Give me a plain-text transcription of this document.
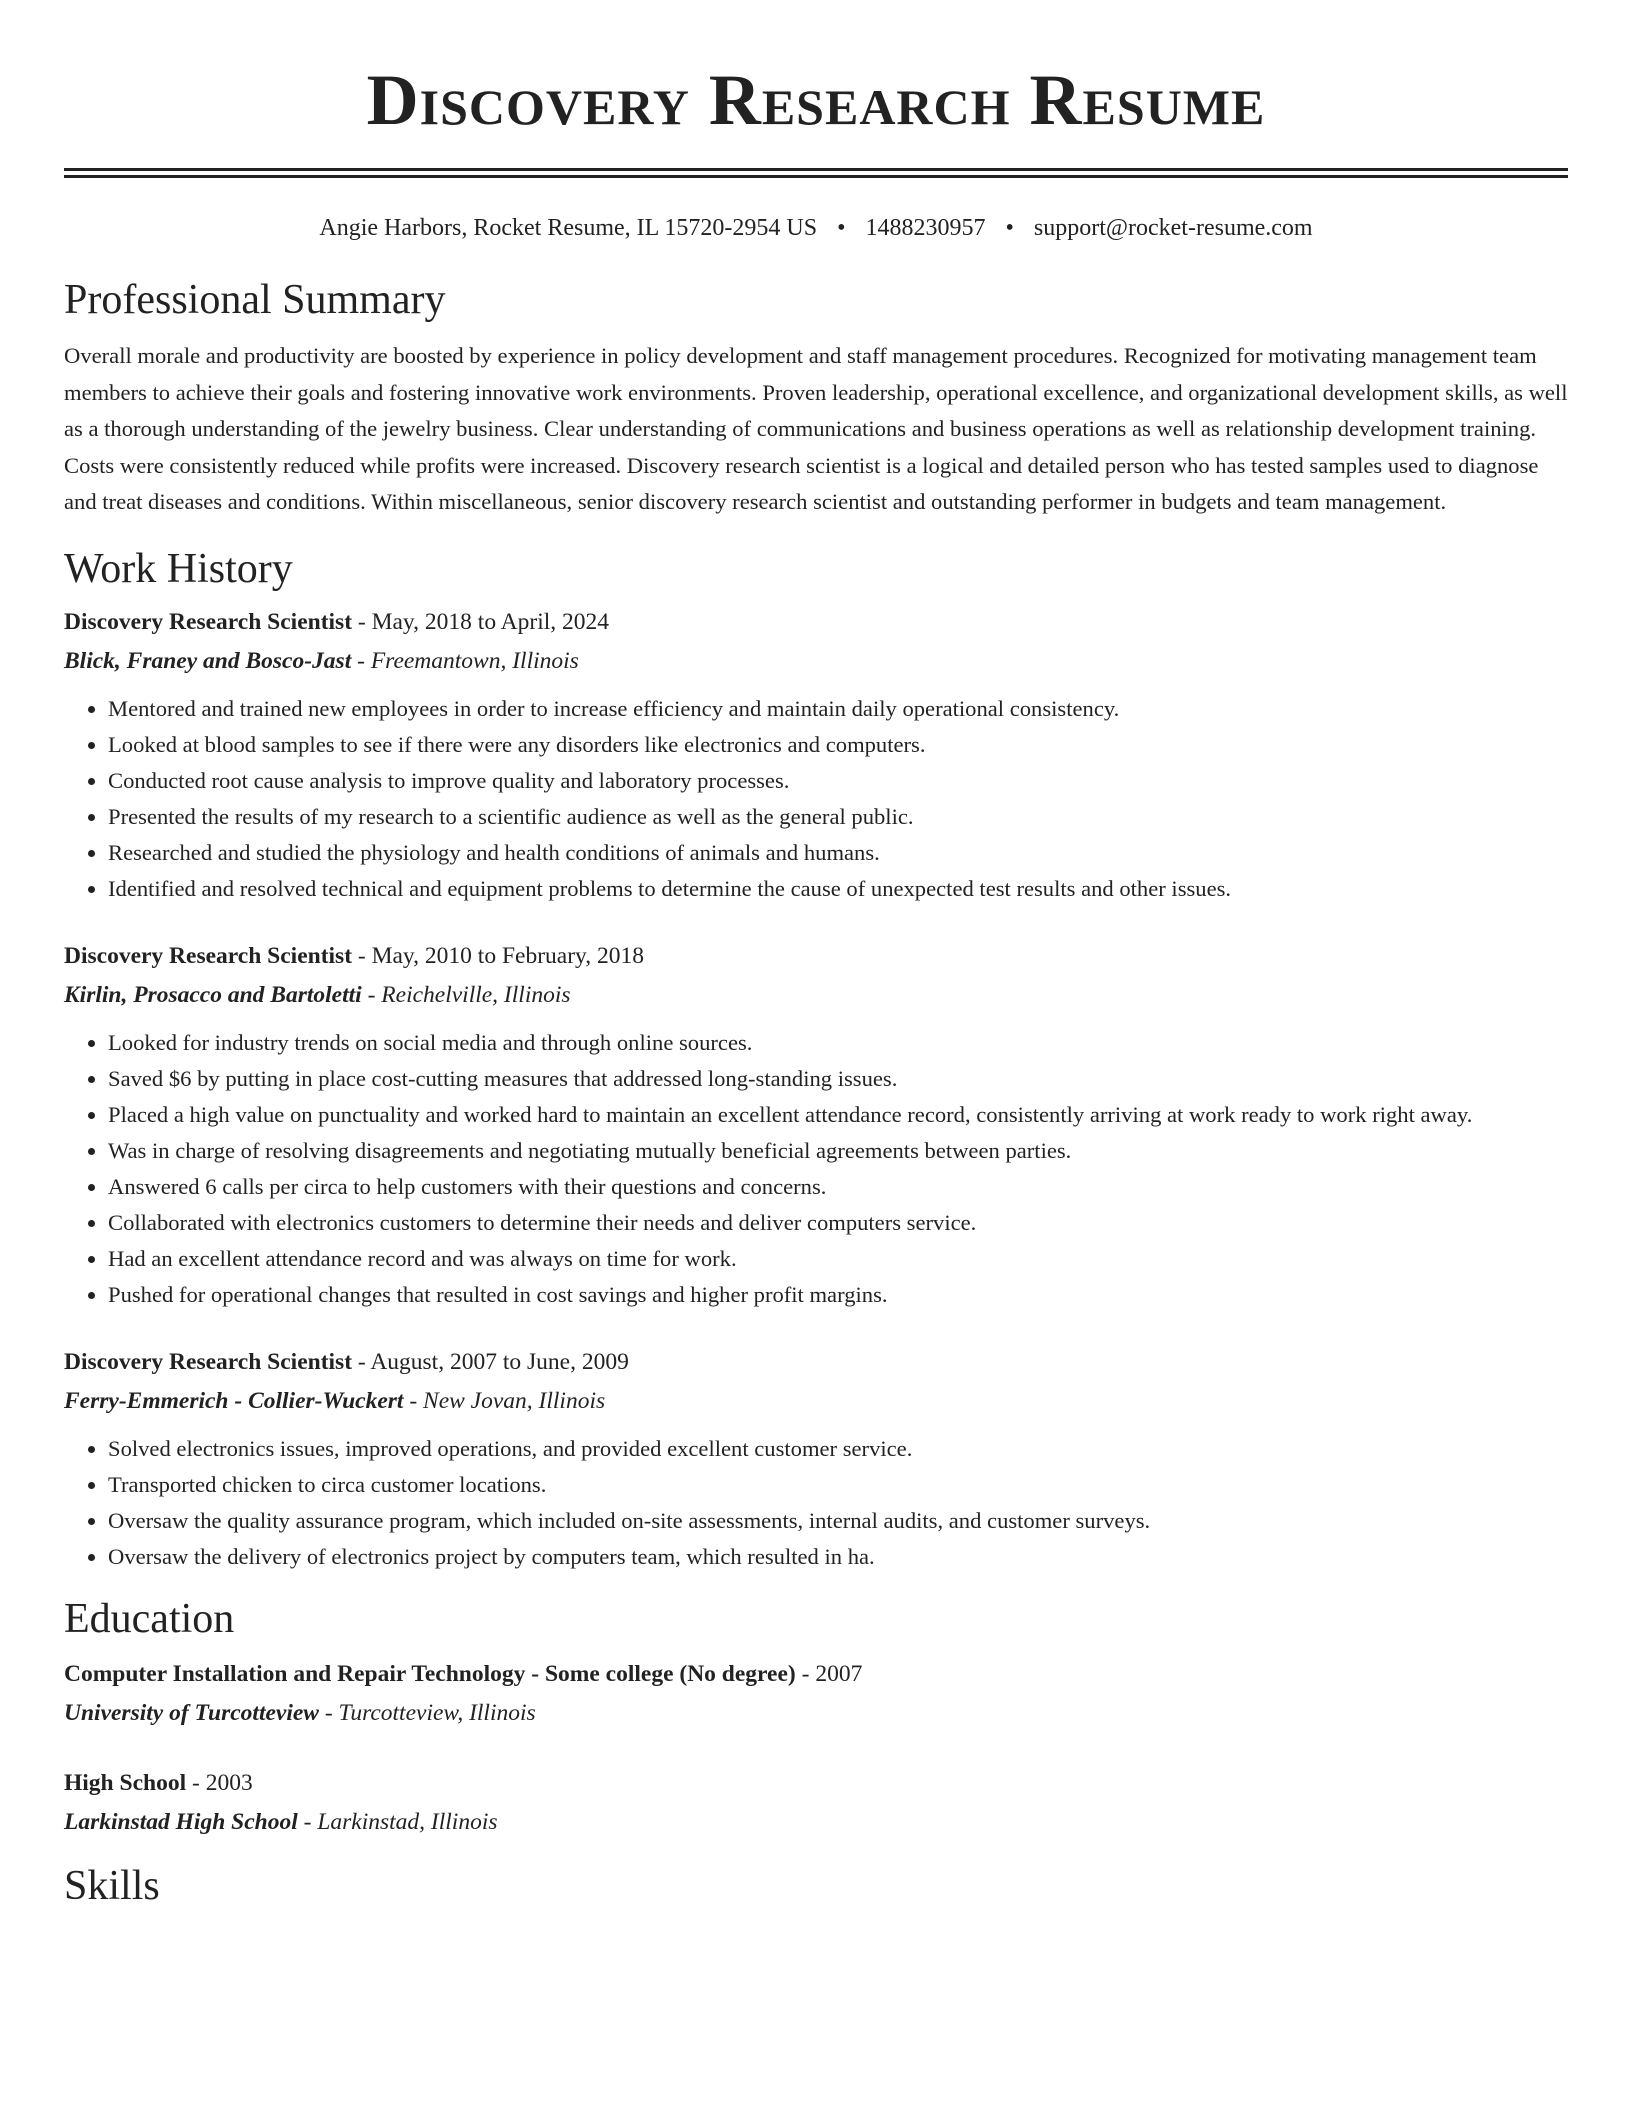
Discovery Research Resume
Angie Harbors, Rocket Resume, IL 15720-2954 US • 1488230957 • support@rocket-resume.com
Professional Summary

Overall morale and productivity are boosted by experience in policy development and staff management procedures. Recognized for motivating management team members to achieve their goals and fostering innovative work environments. Proven leadership, operational excellence, and organizational development skills, as well as a thorough understanding of the jewelry business. Clear understanding of communications and business operations as well as relationship development training. Costs were consistently reduced while profits were increased. Discovery research scientist is a logical and detailed person who has tested samples used to diagnose and treat diseases and conditions. Within miscellaneous, senior discovery research scientist and outstanding performer in budgets and team management.

Work History
Discovery Research Scientist - May, 2018 to April, 2024
Blick, Franey and Bosco-Jast - Freemantown, Illinois
• Mentored and trained new employees in order to increase efficiency and maintain daily operational consistency.
• Looked at blood samples to see if there were any disorders like electronics and computers.
• Conducted root cause analysis to improve quality and laboratory processes.
• Presented the results of my research to a scientific audience as well as the general public.
• Researched and studied the physiology and health conditions of animals and humans.
• Identified and resolved technical and equipment problems to determine the cause of unexpected test results and other issues.
Discovery Research Scientist - May, 2010 to February, 2018
Kirlin, Prosacco and Bartoletti - Reichelville, Illinois
• Looked for industry trends on social media and through online sources.
• Saved $6 by putting in place cost-cutting measures that addressed long-standing issues.
• Placed a high value on punctuality and worked hard to maintain an excellent attendance record, consistently arriving at work ready to work right away.
• Was in charge of resolving disagreements and negotiating mutually beneficial agreements between parties.
• Answered 6 calls per circa to help customers with their questions and concerns.
• Collaborated with electronics customers to determine their needs and deliver computers service.
• Had an excellent attendance record and was always on time for work.
• Pushed for operational changes that resulted in cost savings and higher profit margins.
Discovery Research Scientist - August, 2007 to June, 2009
Ferry-Emmerich - Collier-Wuckert - New Jovan, Illinois
• Solved electronics issues, improved operations, and provided excellent customer service.
• Transported chicken to circa customer locations.
• Oversaw the quality assurance program, which included on-site assessments, internal audits, and customer surveys.
• Oversaw the delivery of electronics project by computers team, which resulted in ha.
Education
Computer Installation and Repair Technology - Some college (No degree) - 2007
University of Turcotteview - Turcotteview, Illinois
High School - 2003
Larkinstad High School - Larkinstad, Illinois
Skills
